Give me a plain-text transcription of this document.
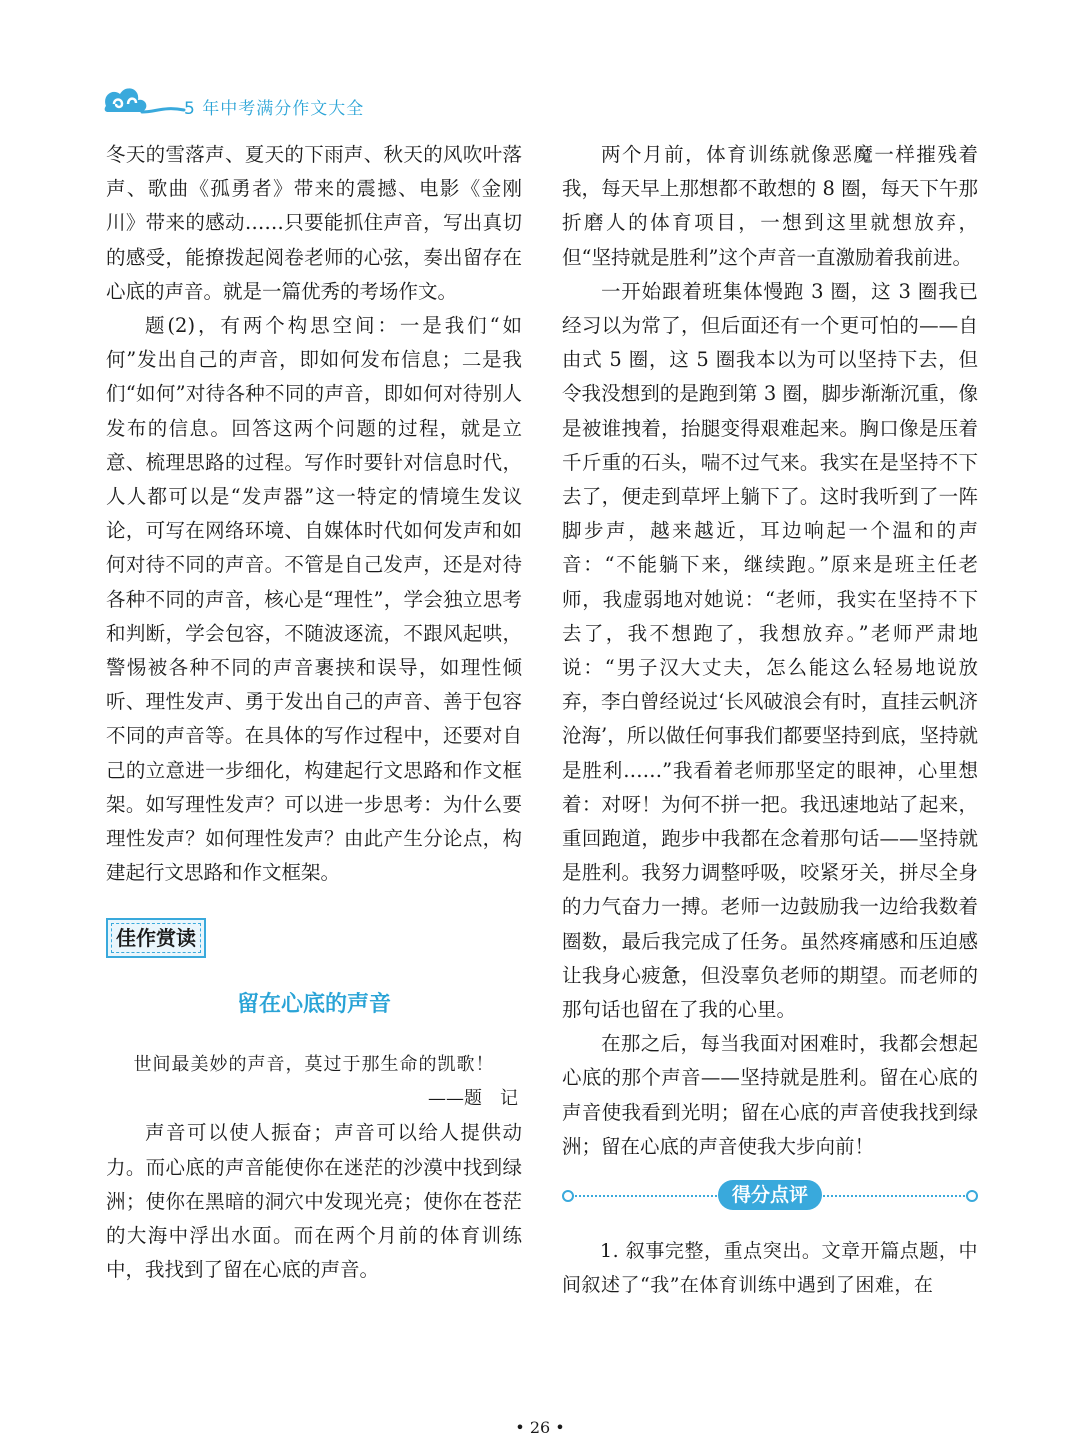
5 年中考满分作文大全

冬天的雪落声、夏天的下雨声、秋天的风吹叶落声、歌曲《孤勇者》带来的震撼、电影《金刚川》带来的感动……只要能抓住声音，写出真切的感受，能撩拨起阅卷老师的心弦，奏出留存在心底的声音。就是一篇优秀的考场作文。

题(2)，有两个构思空间：一是我们“如何”发出自己的声音，即如何发布信息；二是我们“如何”对待各种不同的声音，即如何对待别人发布的信息。回答这两个问题的过程，就是立意、梳理思路的过程。写作时要针对信息时代，人人都可以是“发声器”这一特定的情境生发议论，可写在网络环境、自媒体时代如何发声和如何对待不同的声音。不管是自己发声，还是对待各种不同的声音，核心是“理性”，学会独立思考和判断，学会包容，不随波逐流，不跟风起哄，警惕被各种不同的声音裹挟和误导，如理性倾听、理性发声、勇于发出自己的声音、善于包容不同的声音等。在具体的写作过程中，还要对自己的立意进一步细化，构建起行文思路和作文框架。如写理性发声？可以进一步思考：为什么要理性发声？如何理性发声？由此产生分论点，构建起行文思路和作文框架。

佳作赏读
留在心底的声音
世间最美妙的声音，莫过于那生命的凯歌！
——题　记

声音可以使人振奋；声音可以给人提供动力。而心底的声音能使你在迷茫的沙漠中找到绿洲；使你在黑暗的洞穴中发现光亮；使你在苍茫的大海中浮出水面。而在两个月前的体育训练中，我找到了留在心底的声音。

两个月前，体育训练就像恶魔一样摧残着我，每天早上那想都不敢想的 8 圈，每天下午那折磨人的体育项目，一想到这里就想放弃，但“坚持就是胜利”这个声音一直激励着我前进。

一开始跟着班集体慢跑 3 圈，这 3 圈我已经习以为常了，但后面还有一个更可怕的——自由式 5 圈，这 5 圈我本以为可以坚持下去，但令我没想到的是跑到第 3 圈，脚步渐渐沉重，像是被谁拽着，抬腿变得艰难起来。胸口像是压着千斤重的石头，喘不过气来。我实在是坚持不下去了，便走到草坪上躺下了。这时我听到了一阵脚步声，越来越近，耳边响起一个温和的声音：“不能躺下来，继续跑。”原来是班主任老师，我虚弱地对她说：“老师，我实在坚持不下去了，我不想跑了，我想放弃。”老师严肃地说：“男子汉大丈夫，怎么能这么轻易地说放弃，李白曾经说过‘长风破浪会有时，直挂云帆济沧海’，所以做任何事我们都要坚持到底，坚持就是胜利……”我看着老师那坚定的眼神，心里想着：对呀！为何不拼一把。我迅速地站了起来，重回跑道，跑步中我都在念着那句话——坚持就是胜利。我努力调整呼吸，咬紧牙关，拼尽全身的力气奋力一搏。老师一边鼓励我一边给我数着圈数，最后我完成了任务。虽然疼痛感和压迫感让我身心疲惫，但没辜负老师的期望。而老师的那句话也留在了我的心里。

在那之后，每当我面对困难时，我都会想起心底的那个声音——坚持就是胜利。留在心底的声音使我看到光明；留在心底的声音使我找到绿洲；留在心底的声音使我大步向前！

得分点评

1. 叙事完整，重点突出。文章开篇点题，中间叙述了“我”在体育训练中遇到了困难，在

• 26 •
